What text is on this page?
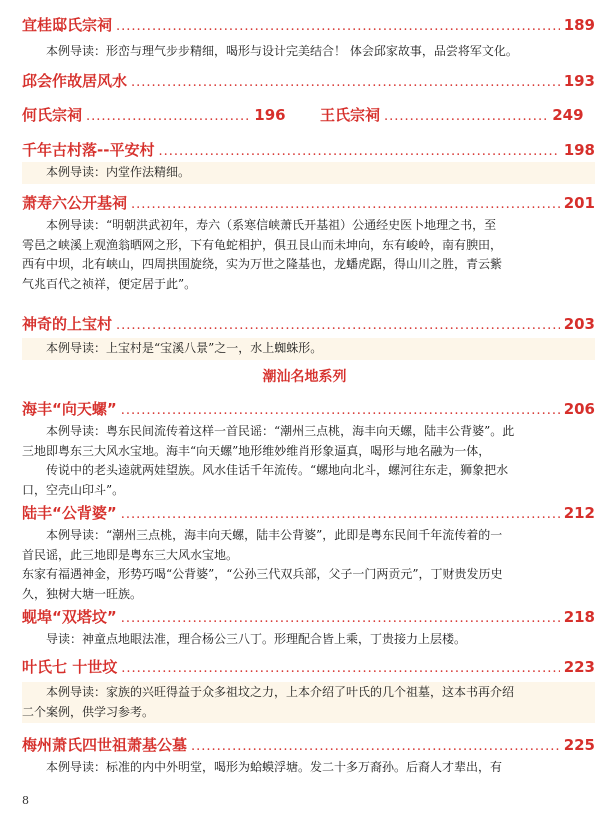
宜桂邸氏宗祠 .....	189
本例导读：形峦与理气步步精细，喝形与设计完美结合！ 体会邱家故事，品尝将军文化。
邱会作故居风水 .....	193
何氏宗祠 .....	196 王氏宗祠 .....	249
千年古村落--平安村 .....	198
本例导读：内堂作法精细。
萧寿六公开基祠 .....	201
本例导读：“明朝洪武初年，寿六（系寒信峡萧氏开基祖）公通经史医卜地理之书，至
雩邑之峡溪上观渔翁晒网之形，下有龟蛇相护，俱丑艮山而未坤向，东有峻岭，南有腴田，
西有中坝，北有峡山，四周拱围旋绕，实为万世之隆基也，龙蟠虎踞，得山川之胜，青云紫
气兆百代之祯祥，便定居于此”。
神奇的上宝村 .....	203
本例导读：上宝村是“宝溪八景”之一，水上蜘蛛形。
潮汕名地系列
海丰“向天螺” .....	206
本例导读：粤东民间流传着这样一首民谣：“潮州三点桃，海丰向天螺，陆丰公背婆”。此
三地即粤东三大风水宝地。海丰“向天螺”地形维妙维肖形象逼真，喝形与地名融为一体，
传说中的老头逵就两娃望族。风水佳话千年流传。“螺地向北斗，螺河往东走，狮象把水
口，空壳山印斗”。
陆丰“公背婆” .....	212
本例导读：“潮州三点桃，海丰向天螺，陆丰公背婆”，此即是粤东民间千年流传着的一
首民谣，此三地即是粤东三大风水宝地。
东家有福遇神金，形势巧喝“公背婆”，“公孙三代双兵部，父子一门两贡元”，丁财贵发历史
久，独树大塘一旺族。
蚬埠“双塔坟” .....	218
导读：神童点地眼法准，理合杨公三八丁。形理配合皆上乘，丁贵接力上层楼。
叶氏七 十世坟 .....	223
本例导读：家族的兴旺得益于众多祖坟之力，上本介绍了叶氏的几个祖墓，这本书再介绍
二个案例，供学习参考。
梅州萧氏四世祖萧基公墓 .....	225
本例导读：标准的内中外明堂，喝形为蛤蟆浮塘。发二十多万裔孙。后裔人才辈出，有
8
